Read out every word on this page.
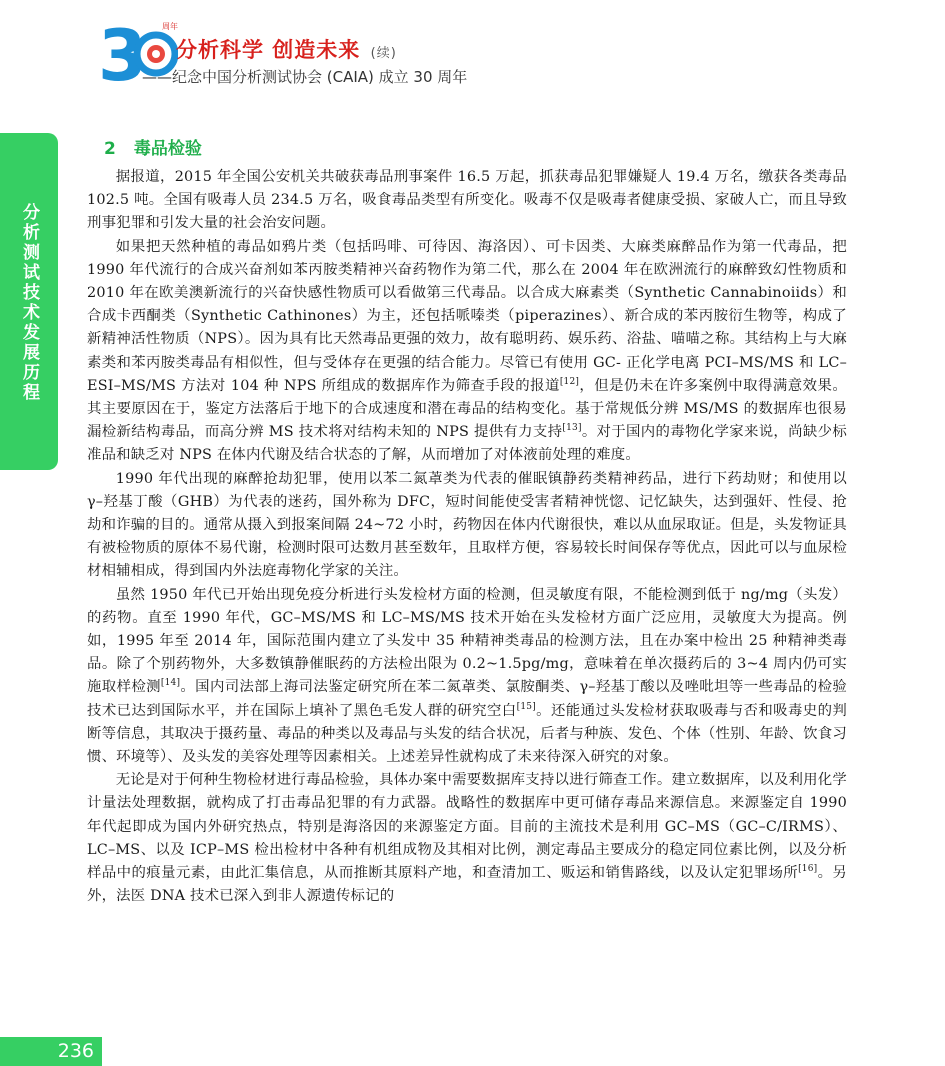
3 周年
分析科学 创造未来 (续)
——纪念中国分析测试协会 (CAIA) 成立 30 周年
分析测试技术发展历程
2 毒品检验

据报道，2015 年全国公安机关共破获毒品刑事案件 16.5 万起，抓获毒品犯罪嫌疑人 19.4 万名，缴获各类毒品 102.5 吨。全国有吸毒人员 234.5 万名，吸食毒品类型有所变化。吸毒不仅是吸毒者健康受损、家破人亡，而且导致刑事犯罪和引发大量的社会治安问题。

如果把天然种植的毒品如鸦片类（包括吗啡、可待因、海洛因）、可卡因类、大麻类麻醉品作为第一代毒品，把 1990 年代流行的合成兴奋剂如苯丙胺类精神兴奋药物作为第二代，那么在 2004 年在欧洲流行的麻醉致幻性物质和 2010 年在欧美澳新流行的兴奋快感性物质可以看做第三代毒品。以合成大麻素类（Synthetic Cannabinoiids）和合成卡西酮类（Synthetic Cathinones）为主，还包括哌嗪类（piperazines）、新合成的苯丙胺衍生物等，构成了新精神活性物质（NPS）。因为具有比天然毒品更强的效力，故有聪明药、娱乐药、浴盐、喵喵之称。其结构上与大麻素类和苯丙胺类毒品有相似性，但与受体存在更强的结合能力。尽管已有使用 GC- 正化学电离 PCI–MS/MS 和 LC–ESI–MS/MS 方法对 104 种 NPS 所组成的数据库作为筛查手段的报道[12]，但是仍未在许多案例中取得满意效果。其主要原因在于，鉴定方法落后于地下的合成速度和潜在毒品的结构变化。基于常规低分辨 MS/MS 的数据库也很易漏检新结构毒品，而高分辨 MS 技术将对结构未知的 NPS 提供有力支持[13]。对于国内的毒物化学家来说，尚缺少标准品和缺乏对 NPS 在体内代谢及结合状态的了解，从而增加了对体液前处理的难度。

1990 年代出现的麻醉抢劫犯罪，使用以苯二氮䓬类为代表的催眠镇静药类精神药品，进行下药劫财；和使用以 γ–羟基丁酸（GHB）为代表的迷药，国外称为 DFC，短时间能使受害者精神恍惚、记忆缺失，达到强奸、性侵、抢劫和诈骗的目的。通常从摄入到报案间隔 24~72 小时，药物因在体内代谢很快，难以从血尿取证。但是，头发物证具有被检物质的原体不易代谢，检测时限可达数月甚至数年，且取样方便，容易较长时间保存等优点，因此可以与血尿检材相辅相成，得到国内外法庭毒物化学家的关注。

虽然 1950 年代已开始出现免疫分析进行头发检材方面的检测，但灵敏度有限，不能检测到低于 ng/mg（头发）的药物。直至 1990 年代，GC–MS/MS 和 LC–MS/MS 技术开始在头发检材方面广泛应用，灵敏度大为提高。例如，1995 年至 2014 年，国际范围内建立了头发中 35 种精神类毒品的检测方法，且在办案中检出 25 种精神类毒品。除了个别药物外，大多数镇静催眠药的方法检出限为 0.2~1.5pg/mg，意味着在单次摄药后的 3~4 周内仍可实施取样检测[14]。国内司法部上海司法鉴定研究所在苯二氮䓬类、氯胺酮类、γ–羟基丁酸以及唑吡坦等一些毒品的检验技术已达到国际水平，并在国际上填补了黑色毛发人群的研究空白[15]。还能通过头发检材获取吸毒与否和吸毒史的判断等信息，其取决于摄药量、毒品的种类以及毒品与头发的结合状况，后者与种族、发色、个体（性别、年龄、饮食习惯、环境等）、及头发的美容处理等因素相关。上述差异性就构成了未来待深入研究的对象。

无论是对于何种生物检材进行毒品检验，具体办案中需要数据库支持以进行筛查工作。建立数据库，以及利用化学计量法处理数据，就构成了打击毒品犯罪的有力武器。战略性的数据库中更可储存毒品来源信息。来源鉴定自 1990 年代起即成为国内外研究热点，特别是海洛因的来源鉴定方面。目前的主流技术是利用 GC–MS（GC–C/IRMS）、LC–MS、以及 ICP–MS 检出检材中各种有机组成物及其相对比例，测定毒品主要成分的稳定同位素比例，以及分析样品中的痕量元素，由此汇集信息，从而推断其原料产地，和查清加工、贩运和销售路线，以及认定犯罪场所[16]。另外，法医 DNA 技术已深入到非人源遗传标记的

236
